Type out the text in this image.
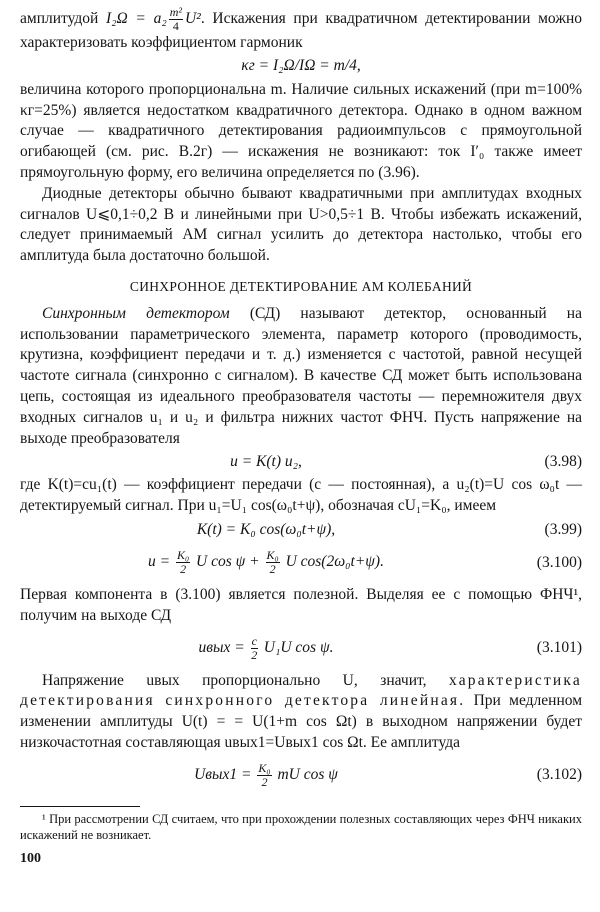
амплитудой $I_2\Omega = a_2 \frac{\text{m²}}{4} U^2$. Искажения при квадратичном детектировании можно характеризовать коэффициентом гармоник

κг = I₂Ω/IΩ = m/4,

величина которого пропорциональна m. Наличие сильных искажений (при m=100% κг=25%) является недостатком квадратичного детектора. Однако в одном важном случае — квадратичного детектирования радиоимпульсов с прямоугольной огибающей (см. рис. В.2г) — искажения не возникают: ток I′₀ также имеет прямоугольную форму, его величина определяется по (3.96).

Диодные детекторы обычно бывают квадратичными при амплитудах входных сигналов U⩽0,1÷0,2 В и линейными при U>0,5÷1 В. Чтобы избежать искажений, следует принимаемый АМ сигнал усилить до детектора настолько, чтобы его амплитуда была достаточно большой.

СИНХРОННОЕ ДЕТЕКТИРОВАНИЕ АМ КОЛЕБАНИЙ

Синхронным детектором (СД) называют детектор, основанный на использовании параметрического элемента, параметр которого (проводимость, крутизна, коэффициент передачи и т. д.) изменяется с частотой, равной несущей частоте сигнала (синхронно с сигналом). В качестве СД может быть использована цепь, состоящая из идеального преобразователя частоты — перемножителя двух входных сигналов u₁ и u₂ и фильтра нижних частот ФНЧ. Пусть напряжение на выходе преобразователя

u = K(t) u₂,	(3.98)

где K(t)=cu₁(t) — коэффициент передачи (c — постоянная), а u₂(t)=U cos ω₀t — детектируемый сигнал. При u₁=U₁ cos(ω₀t+ψ), обозначая cU₁=K₀, имеем

K(t) = K₀ cos(ω₀t+ψ),	(3.99)
$u = \frac{\text{K₀}}{2}$ U $\cos \psi + \frac{\text{K₀}}{2}$ U cos(2ω₀t+ψ).	(3.100)

Первая компонента в (3.100) является полезной. Выделяя ее с помощью ФНЧ¹, получим на выходе СД

uвых = $\frac{c}{2} U_1U$ cos ψ.	(3.101)

Напряжение uвых пропорционально U, значит, характеристика детектирования синхронного детектора линейная. При медленном изменении амплитуды U(t) = = U(1+m cos Ωt) в выходном напряжении будет низкочастотная составляющая uвых1=Uвых1 cos Ωt. Ее амплитуда

Uвых1 = $\frac{\text{K₀}}{2}$ mU cos ψ	(3.102)

¹ При рассмотрении СД считаем, что при прохождении полезных составляющих через ФНЧ никаких искажений не возникает.

100
